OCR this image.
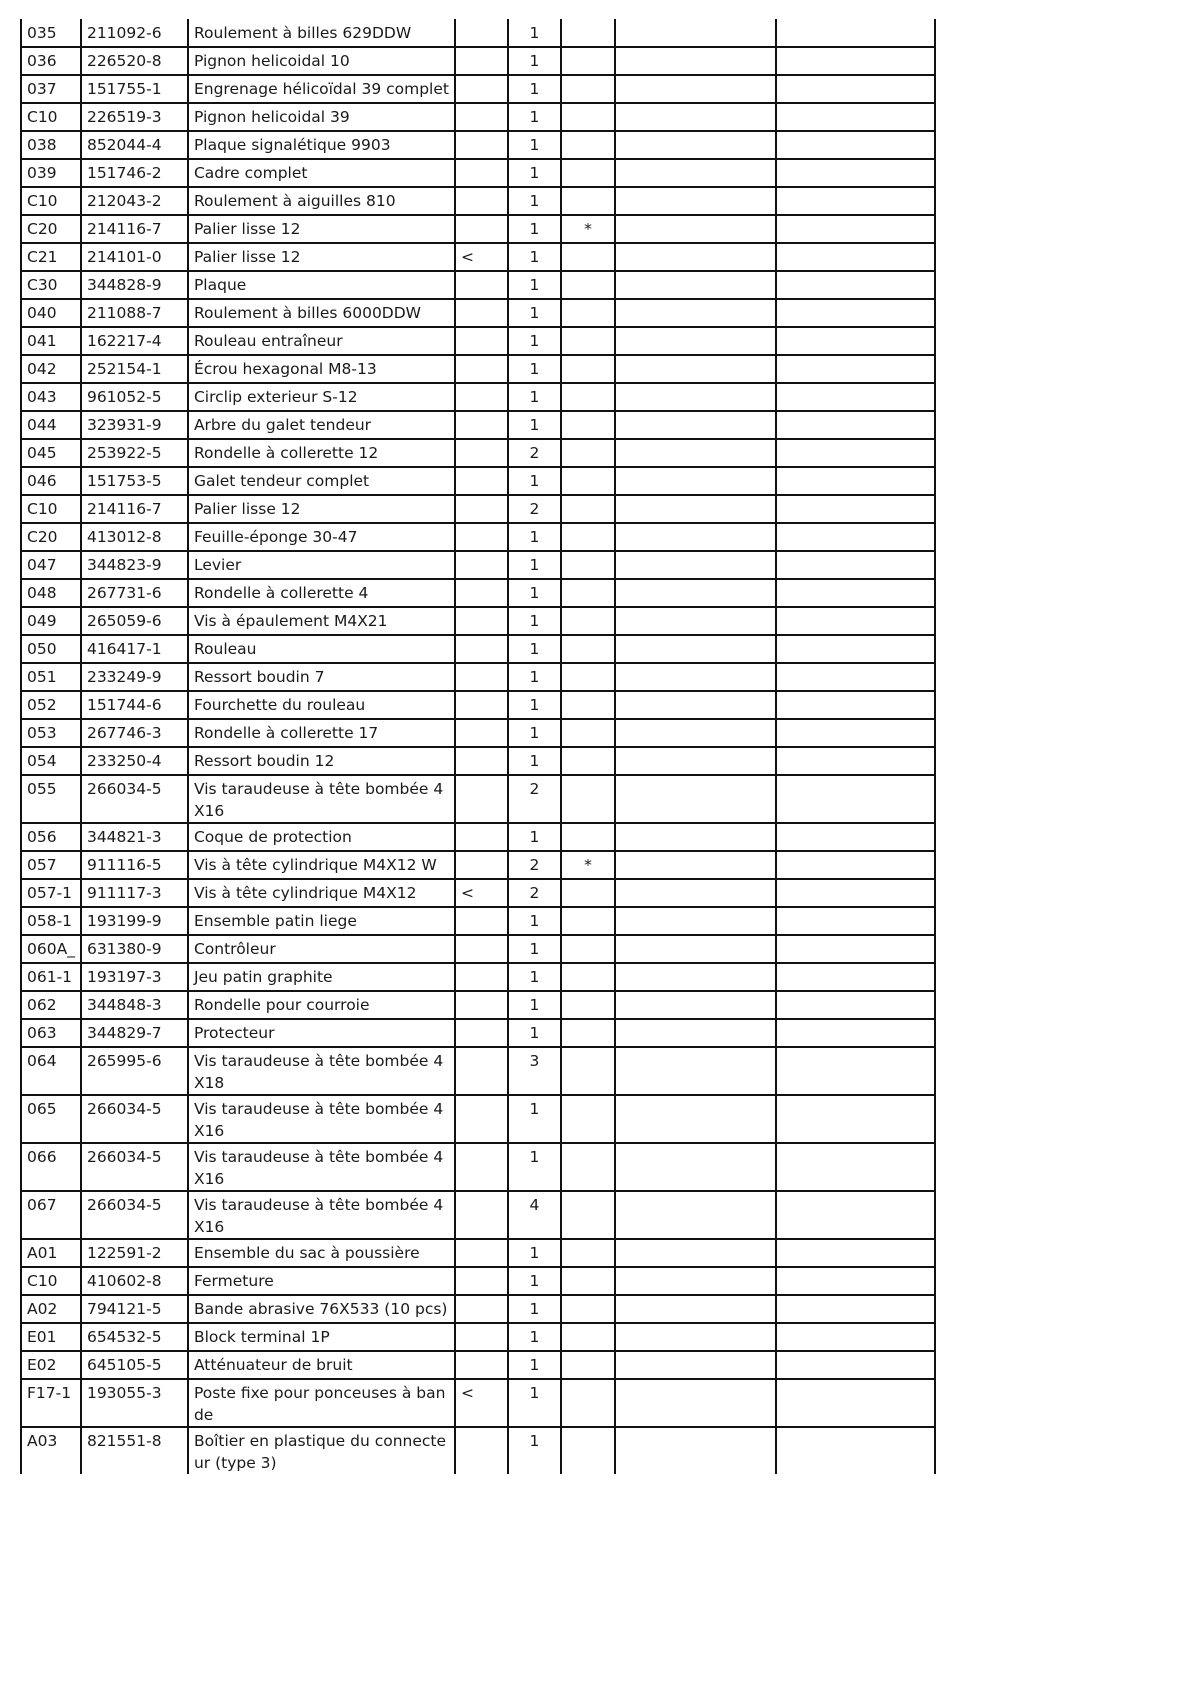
035	211092-6	Roulement à billes 629DDW		1			
036	226520-8	Pignon helicoidal 10		1			
037	151755-1	Engrenage hélicoïdal 39 complet		1			
C10	226519-3	Pignon helicoidal 39		1			
038	852044-4	Plaque signalétique 9903		1			
039	151746-2	Cadre complet		1			
C10	212043-2	Roulement à aiguilles 810		1			
C20	214116-7	Palier lisse 12		1	*		
C21	214101-0	Palier lisse 12	<	1			
C30	344828-9	Plaque		1			
040	211088-7	Roulement à billes 6000DDW		1			
041	162217-4	Rouleau entraîneur		1			
042	252154-1	Écrou hexagonal M8-13		1			
043	961052-5	Circlip exterieur S-12		1			
044	323931-9	Arbre du galet tendeur		1			
045	253922-5	Rondelle à collerette 12		2			
046	151753-5	Galet tendeur complet		1			
C10	214116-7	Palier lisse 12		2			
C20	413012-8	Feuille-éponge 30-47		1			
047	344823-9	Levier		1			
048	267731-6	Rondelle à collerette 4		1			
049	265059-6	Vis à épaulement M4X21		1			
050	416417-1	Rouleau		1			
051	233249-9	Ressort boudin 7		1			
052	151744-6	Fourchette du rouleau		1			
053	267746-3	Rondelle à collerette 17		1			
054	233250-4	Ressort boudin 12		1			
055	266034-5	Vis taraudeuse à tête bombée 4X16		2			
056	344821-3	Coque de protection		1			
057	911116-5	Vis à tête cylindrique M4X12 W		2	*		
057-1	911117-3	Vis à tête cylindrique M4X12	<	2			
058-1	193199-9	Ensemble patin liege		1			
060A_	631380-9	Contrôleur		1			
061-1	193197-3	Jeu patin graphite		1			
062	344848-3	Rondelle pour courroie		1			
063	344829-7	Protecteur		1			
064	265995-6	Vis taraudeuse à tête bombée 4X18		3			
065	266034-5	Vis taraudeuse à tête bombée 4X16		1			
066	266034-5	Vis taraudeuse à tête bombée 4X16		1			
067	266034-5	Vis taraudeuse à tête bombée 4X16		4			
A01	122591-2	Ensemble du sac à poussière		1			
C10	410602-8	Fermeture		1			
A02	794121-5	Bande abrasive 76X533 (10 pcs)		1			
E01	654532-5	Block terminal 1P		1			
E02	645105-5	Atténuateur de bruit		1			
F17-1	193055-3	Poste fixe pour ponceuses à bande	<	1			
A03	821551-8	Boîtier en plastique du connecteur (type 3)		1			
